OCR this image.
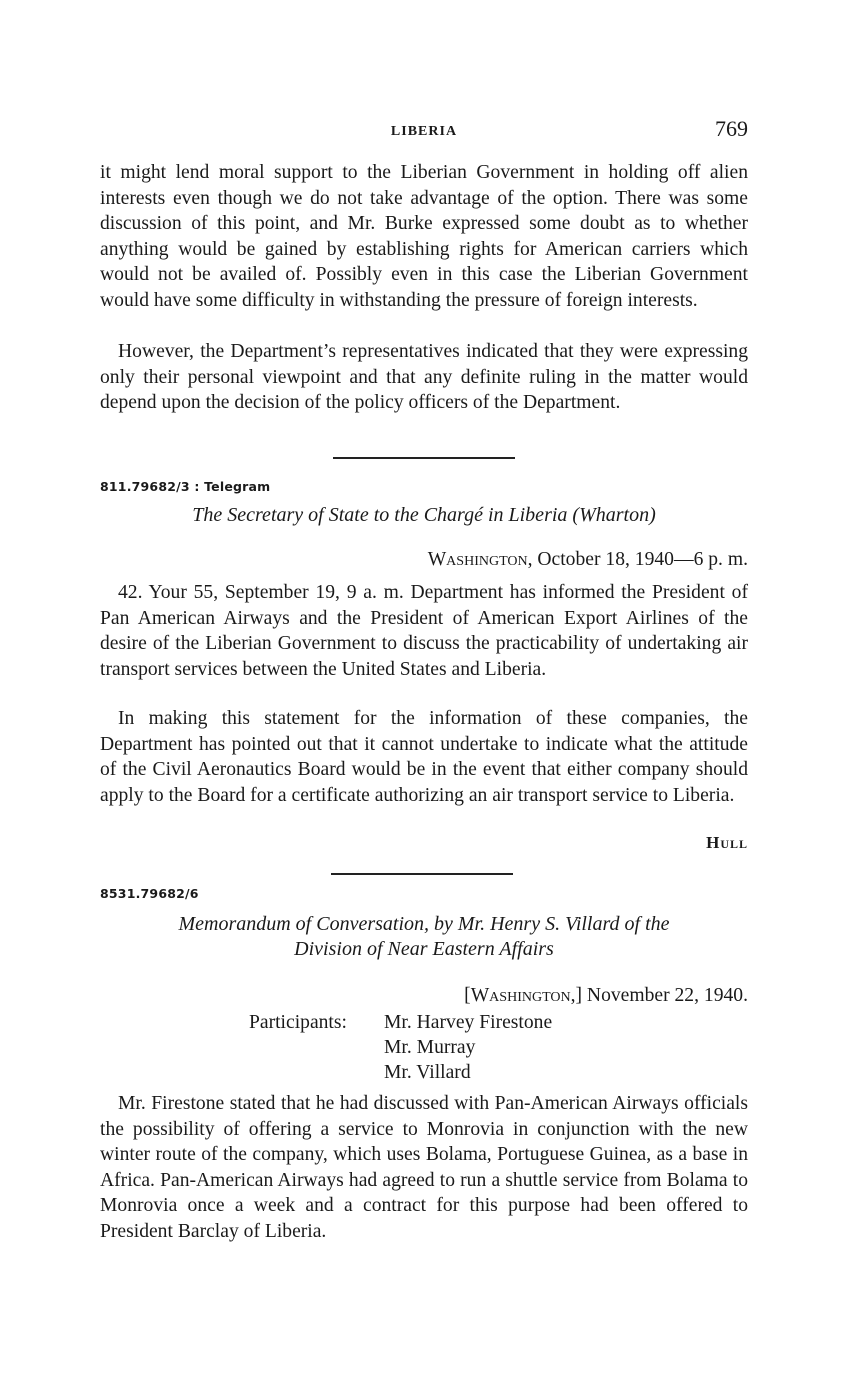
LIBERIA	769

it might lend moral support to the Liberian Government in holding off alien interests even though we do not take advantage of the option. There was some discussion of this point, and Mr. Burke expressed some doubt as to whether anything would be gained by establishing rights for American carriers which would not be availed of. Possibly even in this case the Liberian Government would have some difficulty in withstanding the pressure of foreign interests.

However, the Department’s representatives indicated that they were expressing only their personal viewpoint and that any definite ruling in the matter would depend upon the decision of the policy officers of the Department.

811.79682/3 : Telegram
The Secretary of State to the Chargé in Liberia (Wharton)
Washington, October 18, 1940—6 p. m.

42. Your 55, September 19, 9 a. m. Department has informed the President of Pan American Airways and the President of American Export Airlines of the desire of the Liberian Government to discuss the practicability of undertaking air transport services between the United States and Liberia.

In making this statement for the information of these companies, the Department has pointed out that it cannot undertake to indicate what the attitude of the Civil Aeronautics Board would be in the event that either company should apply to the Board for a certificate authorizing an air transport service to Liberia.

Hull
8531.79682/6
Memorandum of Conversation, by Mr. Henry S. Villard of the
Division of Near Eastern Affairs
[Washington,] November 22, 1940.
Participants: Mr. Harvey Firestone
Mr. Murray
Mr. Villard

Mr. Firestone stated that he had discussed with Pan-American Airways officials the possibility of offering a service to Monrovia in conjunction with the new winter route of the company, which uses Bolama, Portuguese Guinea, as a base in Africa. Pan-American Airways had agreed to run a shuttle service from Bolama to Monrovia once a week and a contract for this purpose had been offered to President Barclay of Liberia.
